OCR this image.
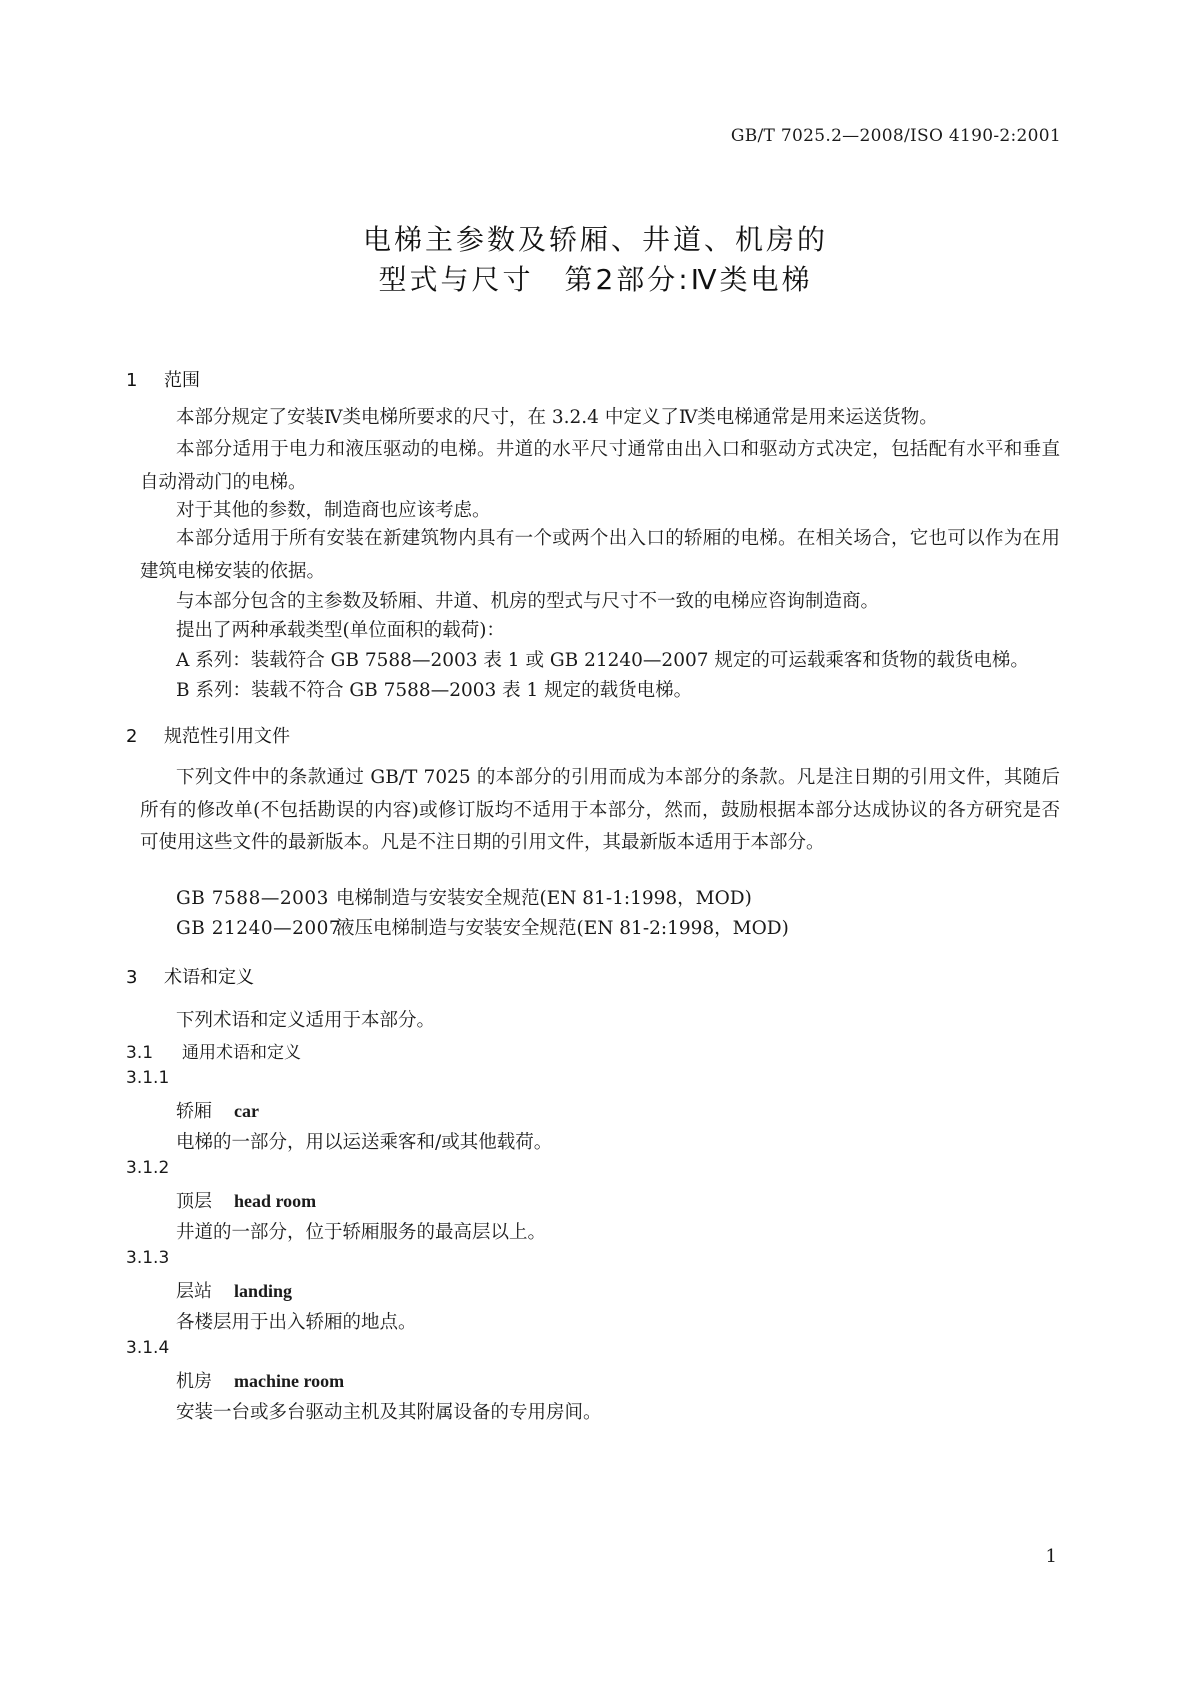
GB/T 7025.2—2008/ISO 4190-2:2001
电梯主参数及轿厢、井道、机房的
型式与尺寸　第2部分:Ⅳ类电梯
1 范围
本部分规定了安装Ⅳ类电梯所要求的尺寸，在 3.2.4 中定义了Ⅳ类电梯通常是用来运送货物。
本部分适用于电力和液压驱动的电梯。井道的水平尺寸通常由出入口和驱动方式决定，包括配有水平和垂直自动滑动门的电梯。
对于其他的参数，制造商也应该考虑。
本部分适用于所有安装在新建筑物内具有一个或两个出入口的轿厢的电梯。在相关场合，它也可以作为在用建筑电梯安装的依据。
与本部分包含的主参数及轿厢、井道、机房的型式与尺寸不一致的电梯应咨询制造商。
提出了两种承载类型(单位面积的载荷)：
A 系列：装载符合 GB 7588—2003 表 1 或 GB 21240—2007 规定的可运载乘客和货物的载货电梯。
B 系列：装载不符合 GB 7588—2003 表 1 规定的载货电梯。
2 规范性引用文件
下列文件中的条款通过 GB/T 7025 的本部分的引用而成为本部分的条款。凡是注日期的引用文件，其随后所有的修改单(不包括勘误的内容)或修订版均不适用于本部分，然而，鼓励根据本部分达成协议的各方研究是否可使用这些文件的最新版本。凡是不注日期的引用文件，其最新版本适用于本部分。
GB 7588—2003 电梯制造与安装安全规范(EN 81-1:1998，MOD)
GB 21240—2007液压电梯制造与安装安全规范(EN 81-2:1998，MOD)
3 术语和定义
下列术语和定义适用于本部分。
3.1 通用术语和定义
3.1.1
轿厢 car
电梯的一部分，用以运送乘客和/或其他载荷。
3.1.2
顶层 head room
井道的一部分，位于轿厢服务的最高层以上。
3.1.3
层站 landing
各楼层用于出入轿厢的地点。
3.1.4
机房 machine room
安装一台或多台驱动主机及其附属设备的专用房间。
1
